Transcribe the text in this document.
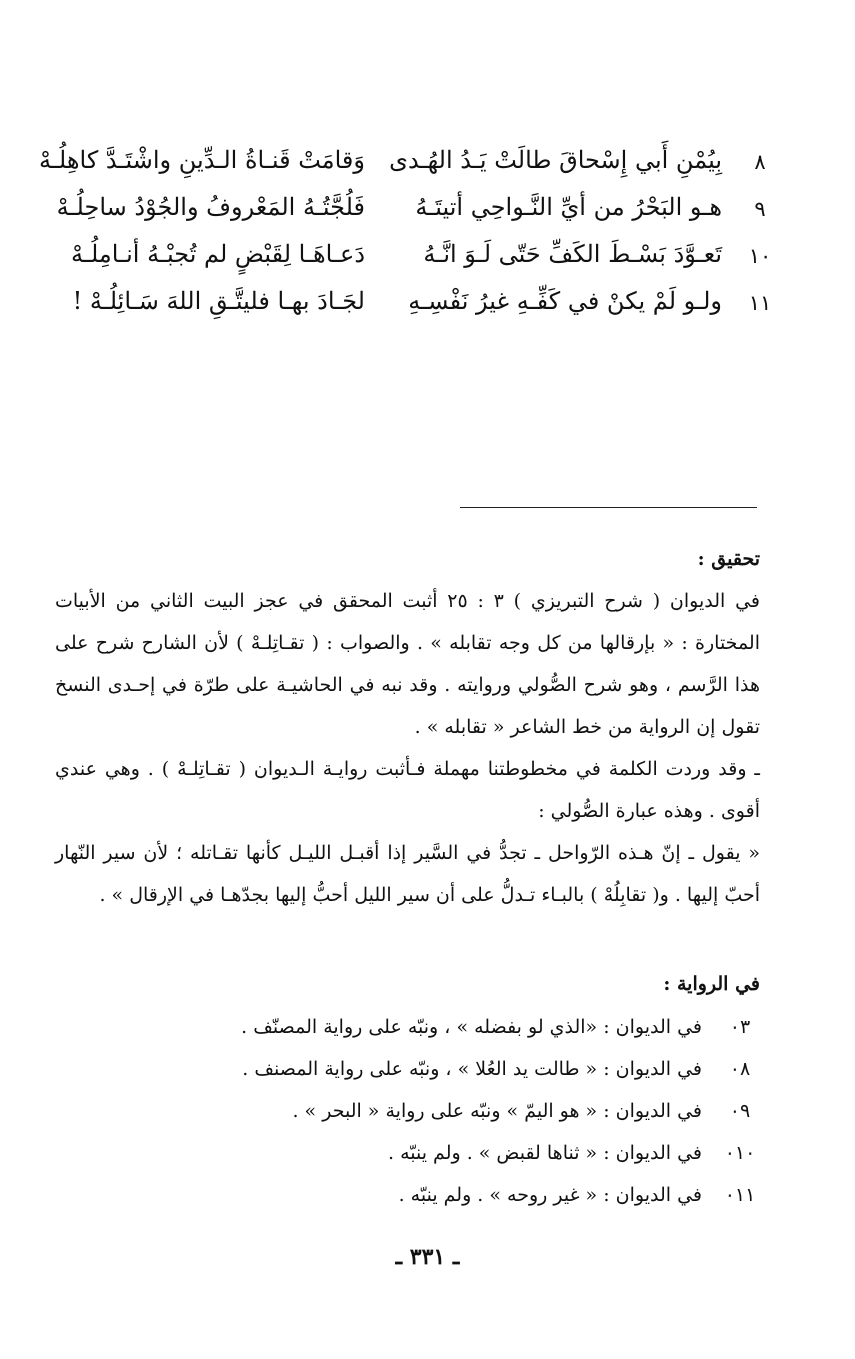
٨
بِيُمْنِ أَبي إِسْحاقَ طالَتْ يَـدُ الهُـدى
وَقامَتْ قَنـاةُ الـدِّينِ واشْتَـدَّ كاهِلُـهْ
٩
هـو البَحْرُ من أيِّ النَّـواحِي أتيتَـهُ
فَلُجَّتُـهُ المَعْروفُ والجُوْدُ ساحِلُـهْ
١٠
تَعـوَّدَ بَسْـطَ الكَفِّ حَتّى لَـوَ انَّـهُ
دَعـاهَـا لِقَبْضٍ لم تُجبْـهُ أنـامِلُـهْ
١١
ولـو لَمْ يكنْ في كَفِّـهِ غيرُ نَفْسِـهِ
لجَـادَ بهـا فليتَّـقِ اللهَ سَـائِلُـهْ !
تحقيق :

في الديوان ( شرح التبريزي ) ٣ : ٢٥ أثبت المحقق في عجز البيت الثاني من الأبيات المختارة : « بإرقالها من كل وجه تقابله » . والصواب : ( تقـاتِلـهْ ) لأن الشارح شرح على هذا الرَّسم ، وهو شرح الصُّولي وروايته . وقد نبه في الحاشيـة على طرّة في إحـدى النسخ تقول إن الرواية من خط الشاعر « تقابله » .

ـ وقد وردت الكلمة في مخطوطتنا مهملة فـأثبت روايـة الـديوان ( تقـاتِلـهْ ) . وهي عندي أقوى . وهذه عبارة الصُّولي :

« يقول ـ إنّ هـذه الرّواحل ـ تجدُّ في السَّير إذا أقبـل الليـل كأنها تقـاتله ؛ لأن سير النّهار أحبّ إليها . و( تقابِلُهْ ) بالبـاء تـدلُّ على أن سير الليل أحبُّ إليها بجدّهـا في الإرقال » .

في الرواية :
٠٣
في الديوان : «الذي لو بفضله » ، ونبّه على رواية المصنّف .
٠٨
في الديوان : « طالت يد العُلا » ، ونبّه على رواية المصنف .
٠٩
في الديوان : « هو اليمّ » ونبّه على رواية « البحر » .
٠١٠
في الديوان : « ثناها لقبض » . ولم ينبّه .
٠١١
في الديوان : « غير روحه » . ولم ينبّه .
ـ ٣٣١ ـ
